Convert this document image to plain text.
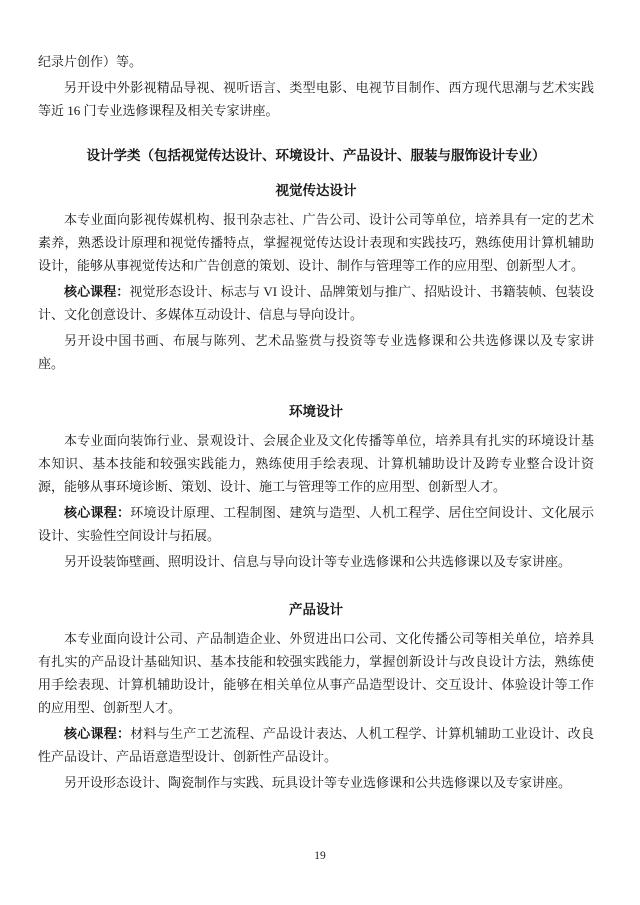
纪录片创作）等。

另开设中外影视精品导视、视听语言、类型电影、电视节目制作、西方现代思潮与艺术实践等近 16 门专业选修课程及相关专家讲座。

设计学类（包括视觉传达设计、环境设计、产品设计、服装与服饰设计专业）
视觉传达设计

本专业面向影视传媒机构、报刊杂志社、广告公司、设计公司等单位，培养具有一定的艺术素养，熟悉设计原理和视觉传播特点，掌握视觉传达设计表现和实践技巧，熟练使用计算机辅助设计，能够从事视觉传达和广告创意的策划、设计、制作与管理等工作的应用型、创新型人才。

核心课程：视觉形态设计、标志与 VI 设计、品牌策划与推广、招贴设计、书籍装帧、包装设计、文化创意设计、多媒体互动设计、信息与导向设计。

另开设中国书画、布展与陈列、艺术品鉴赏与投资等专业选修课和公共选修课以及专家讲座。

环境设计

本专业面向装饰行业、景观设计、会展企业及文化传播等单位，培养具有扎实的环境设计基本知识、基本技能和较强实践能力，熟练使用手绘表现、计算机辅助设计及跨专业整合设计资源，能够从事环境诊断、策划、设计、施工与管理等工作的应用型、创新型人才。

核心课程：环境设计原理、工程制图、建筑与造型、人机工程学、居住空间设计、文化展示设计、实验性空间设计与拓展。

另开设装饰壁画、照明设计、信息与导向设计等专业选修课和公共选修课以及专家讲座。

产品设计

本专业面向设计公司、产品制造企业、外贸进出口公司、文化传播公司等相关单位，培养具有扎实的产品设计基础知识、基本技能和较强实践能力，掌握创新设计与改良设计方法，熟练使用手绘表现、计算机辅助设计，能够在相关单位从事产品造型设计、交互设计、体验设计等工作的应用型、创新型人才。

核心课程：材料与生产工艺流程、产品设计表达、人机工程学、计算机辅助工业设计、改良性产品设计、产品语意造型设计、创新性产品设计。

另开设形态设计、陶瓷制作与实践、玩具设计等专业选修课和公共选修课以及专家讲座。

19
